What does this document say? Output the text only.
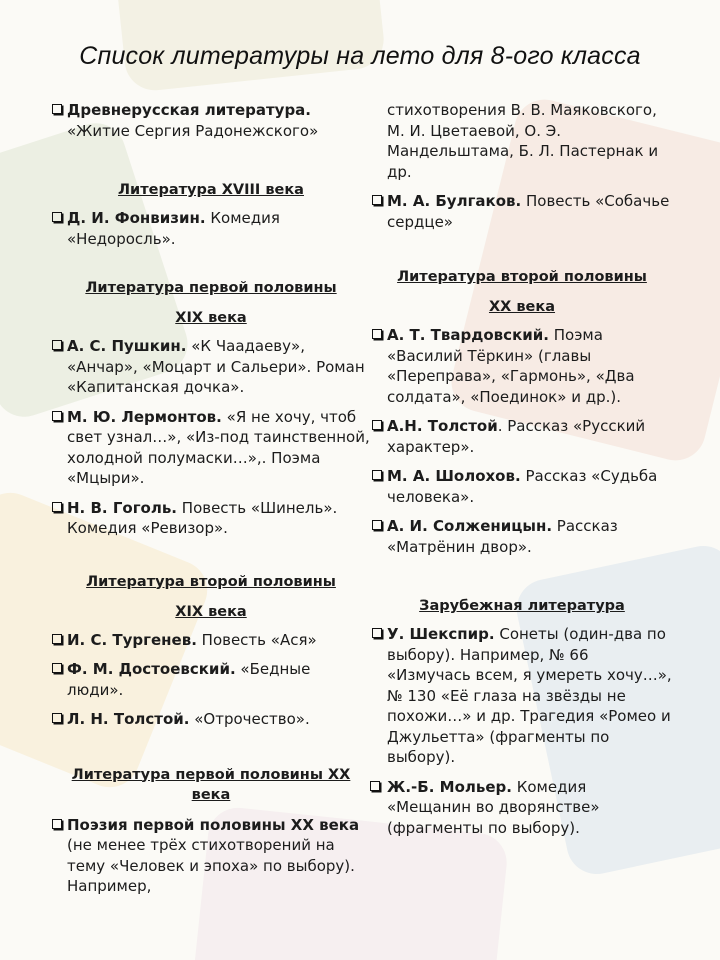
Список литературы на лето для 8-ого класса
Древнерусская литература. «Житие Сергия Радонежского»
Литература XVIII века
Д. И. Фонвизин. Комедия «Недоросль».
Литература первой половины
XIX века
А. С. Пушкин. «К Чаадаеву», «Анчар», «Моцарт и Сальери». Роман «Капитанская дочка».
М. Ю. Лермонтов. «Я не хочу, чтоб свет узнал…», «Из-под таинственной, холодной полумаски…»,. Поэма «Мцыри».
Н. В. Гоголь. Повесть «Шинель». Комедия «Ревизор».
Литература второй половины
XIX века
И. С. Тургенев. Повесть «Ася»
Ф. М. Достоевский. «Бедные люди».
Л. Н. Толстой. «Отрочество».
Литература первой половины XX века
Поэзия первой половины XX века (не менее трёх стихотворений на тему «Человек и эпоха» по выбору). Например,
стихотворения В. В. Маяковского, М. И. Цветаевой, О. Э. Мандельштама, Б. Л. Пастернак и др.
М. А. Булгаков. Повесть «Собачье сердце»
Литература второй половины
XX века
А. Т. Твардовский. Поэма «Василий Тёркин» (главы «Переправа», «Гармонь», «Два солдата», «Поединок» и др.).
А.Н. Толстой. Рассказ «Русский характер».
М. А. Шолохов. Рассказ «Судьба человека».
А. И. Солженицын. Рассказ «Матрёнин двор».
Зарубежная литература
У. Шекспир. Сонеты (один-два по выбору). Например, № 66 «Измучась всем, я умереть хочу…», № 130 «Её глаза на звёзды не похожи…» и др. Трагедия «Ромео и Джульетта» (фрагменты по выбору).
Ж.-Б. Мольер. Комедия «Мещанин во дворянстве» (фрагменты по выбору).
